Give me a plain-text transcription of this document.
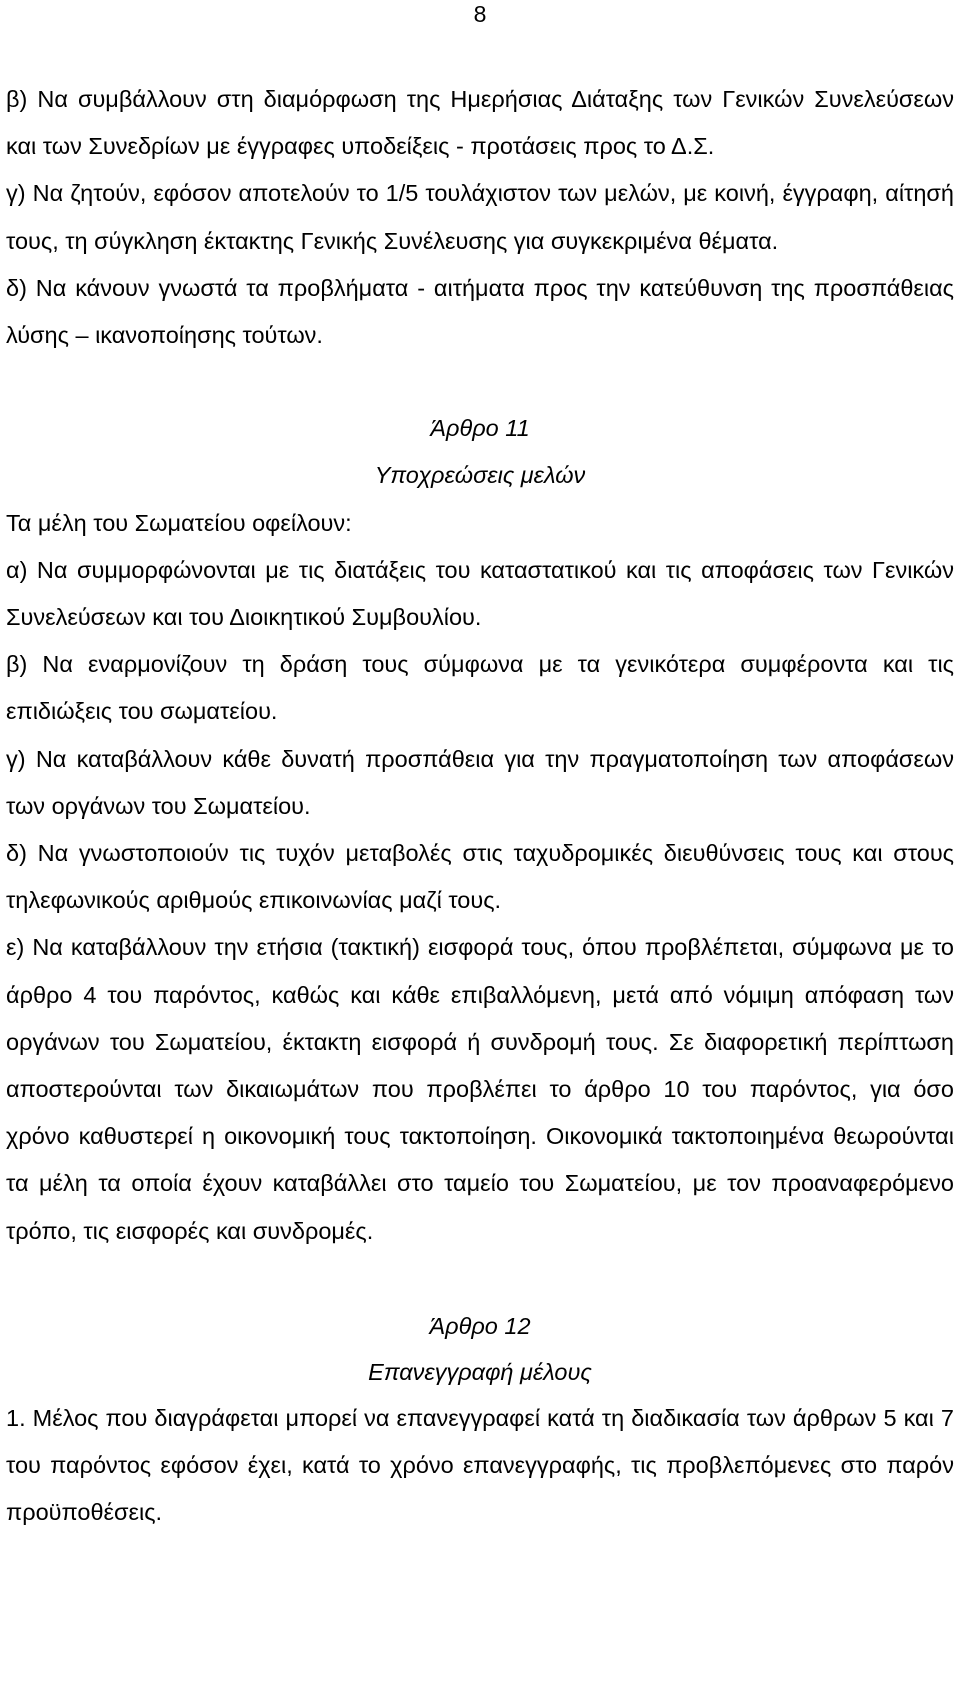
8

β) Να συμβάλλουν στη διαμόρφωση της Ημερήσιας Διάταξης των Γενικών Συνελεύσεων και των Συνεδρίων με έγγραφες υποδείξεις - προτάσεις προς το Δ.Σ.

γ) Να ζητούν, εφόσον αποτελούν το 1/5 τουλάχιστον των μελών, με κοινή, έγγραφη, αίτησή τους, τη σύγκληση έκτακτης Γενικής Συνέλευσης για συγκεκριμένα θέματα.

δ) Να κάνουν γνωστά τα προβλήματα - αιτήματα προς την κατεύθυνση της προσπάθειας λύσης – ικανοποίησης τούτων.

Άρθρο 11

Υποχρεώσεις μελών

Τα μέλη του Σωματείου οφείλουν:

α) Να συμμορφώνονται με τις διατάξεις του καταστατικού και τις αποφάσεις των Γενικών Συνελεύσεων και του Διοικητικού Συμβουλίου.

β) Να εναρμονίζουν τη δράση τους σύμφωνα με τα γενικότερα συμφέροντα και τις επιδιώξεις του σωματείου.

γ) Να καταβάλλουν κάθε δυνατή προσπάθεια για την πραγματοποίηση των αποφάσεων των οργάνων του Σωματείου.

δ) Να γνωστοποιούν τις τυχόν μεταβολές στις ταχυδρομικές διευθύνσεις τους και στους τηλεφωνικούς αριθμούς επικοινωνίας μαζί τους.

ε) Να καταβάλλουν την ετήσια (τακτική) εισφορά τους, όπου προβλέπεται, σύμφωνα με το άρθρο 4 του παρόντος, καθώς και κάθε επιβαλλόμενη, μετά από νόμιμη απόφαση των οργάνων του Σωματείου, έκτακτη εισφορά ή συνδρομή τους. Σε διαφορετική περίπτωση αποστερούνται των δικαιωμάτων που προβλέπει το άρθρο 10 του παρόντος, για όσο χρόνο καθυστερεί η οικονομική τους τακτοποίηση. Οικονομικά τακτοποιημένα θεωρούνται τα μέλη τα οποία έχουν καταβάλλει στο ταμείο του Σωματείου, με τον προαναφερόμενο τρόπο, τις εισφορές και συνδρομές.

Άρθρο 12

Επανεγγραφή μέλους

1. Μέλος που διαγράφεται μπορεί να επανεγγραφεί κατά τη διαδικασία των άρθρων 5 και 7 του παρόντος εφόσον έχει, κατά το χρόνο επανεγγραφής, τις προβλεπόμενες στο παρόν προϋποθέσεις.
